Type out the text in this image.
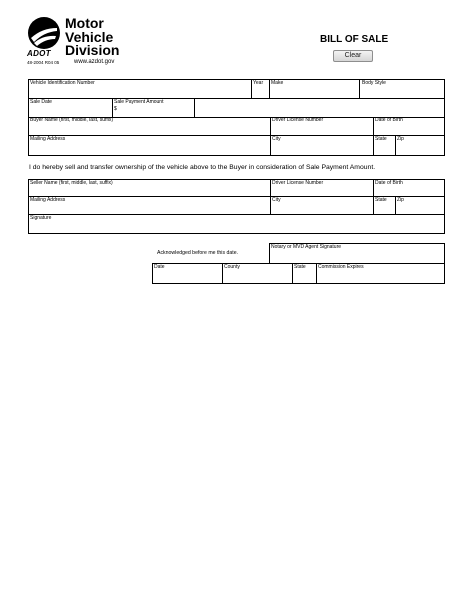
ADOT
Motor
Vehicle
Division
48-2004 R04 05 www.azdot.gov
BILL OF SALE
Clear
Vehicle Identification Number	Year Make	Body Style
Sale Date	Sale Payment Amount
$
Buyer Name (first, middle, last, suffix)	Driver License Number	Date of Birth
Mailing Address	City	State Zip
I do hereby sell and transfer ownership of the vehicle above to the Buyer in consideration of Sale Payment Amount.
Seller Name (first, middle, last, suffix)	Driver License Number	Date of Birth
Mailing Address	City	State Zip
Signature
Acknowledged before me this date.
Notary or MVD Agent Signature
Date	County	State Commission Expires
